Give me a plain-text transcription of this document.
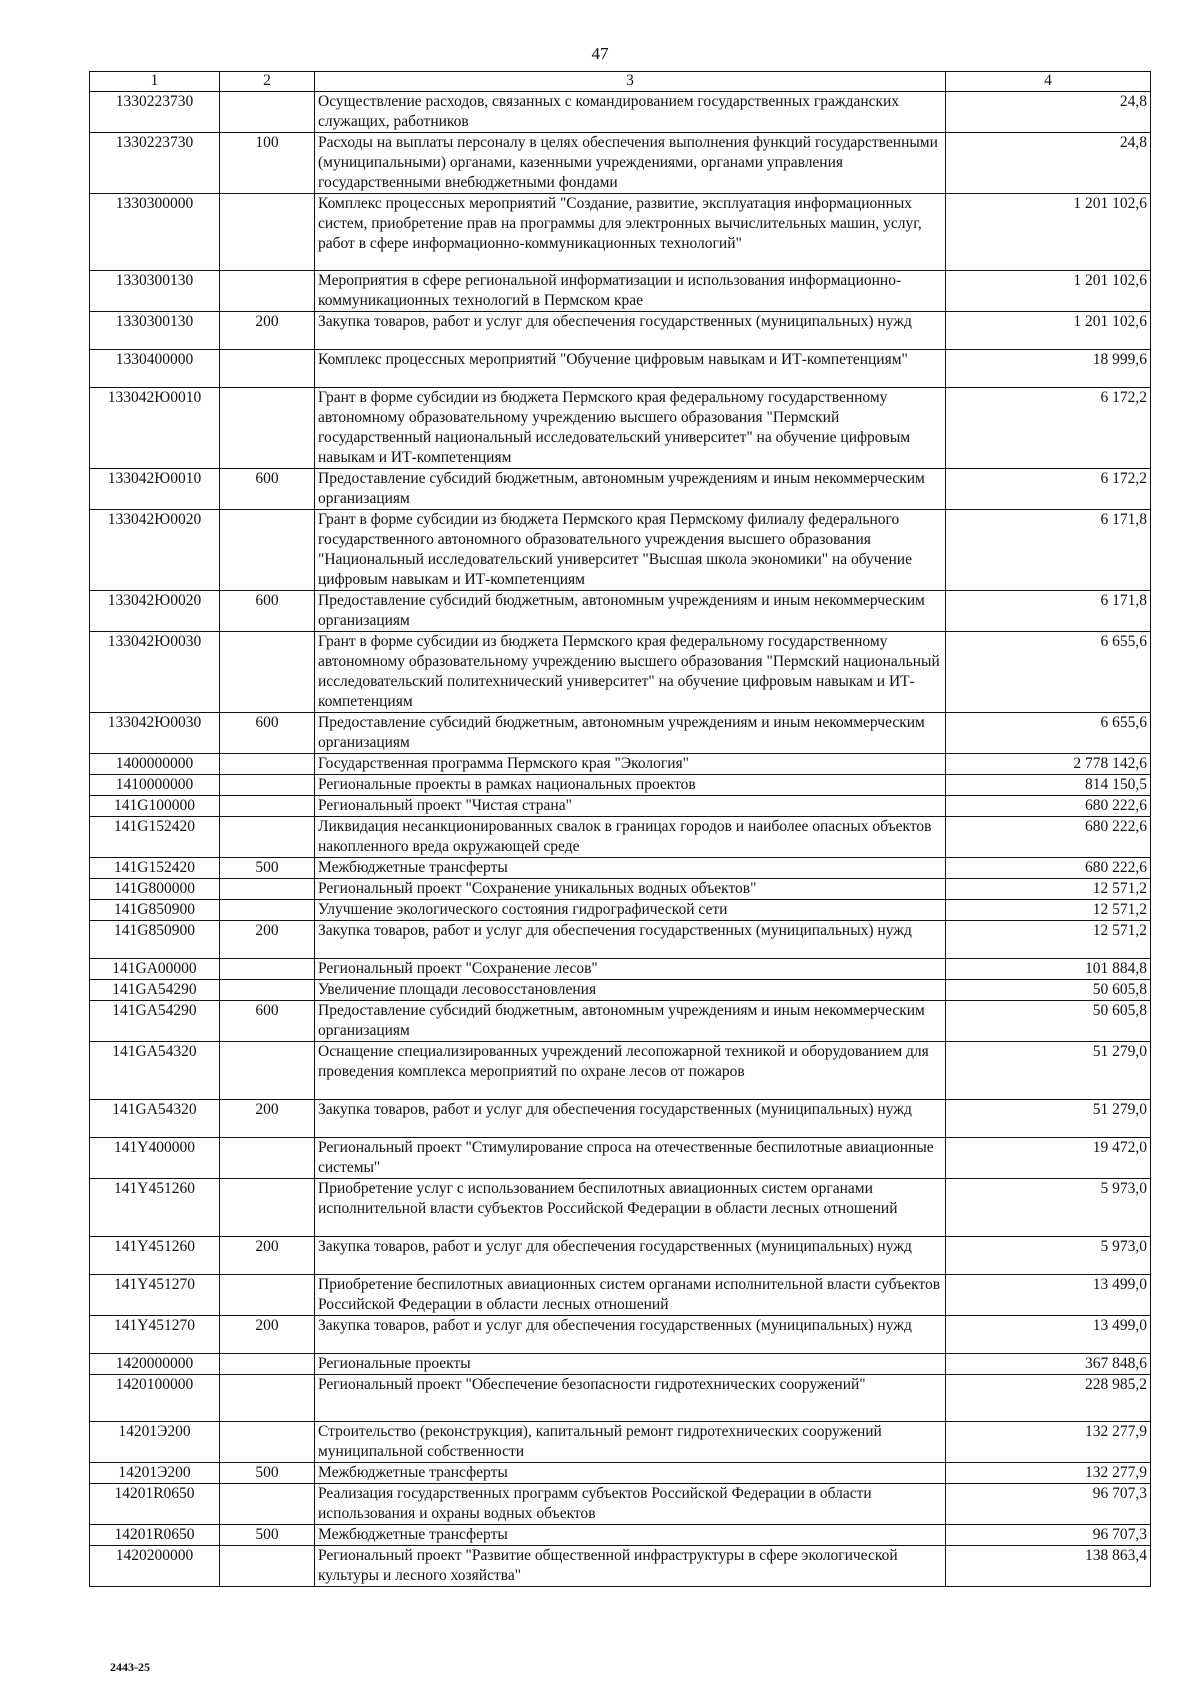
47
1	2	3	4
1330223730		Осуществление расходов, связанных с командированием государственных гражданских служащих, работников	24,8
1330223730	100	Расходы на выплаты персоналу в целях обеспечения выполнения функций государственными (муниципальными) органами, казенными учреждениями, органами управления государственными внебюджетными фондами	24,8
1330300000		Комплекс процессных мероприятий "Создание, развитие, эксплуатация информационных систем, приобретение прав на программы для электронных вычислительных машин, услуг, работ в сфере информационно-коммуникационных технологий"	1 201 102,6
1330300130		Мероприятия в сфере региональной информатизации и использования информационно-коммуникационных технологий в Пермском крае	1 201 102,6
1330300130	200	Закупка товаров, работ и услуг для обеспечения государственных (муниципальных) нужд	1 201 102,6
1330400000		Комплекс процессных мероприятий "Обучение цифровым навыкам и ИТ-компетенциям"	18 999,6
133042Ю0010		Грант в форме субсидии из бюджета Пермского края федеральному государственному автономному образовательному учреждению высшего образования "Пермский государственный национальный исследовательский университет" на обучение цифровым навыкам и ИТ-компетенциям	6 172,2
133042Ю0010	600	Предоставление субсидий бюджетным, автономным учреждениям и иным некоммерческим организациям	6 172,2
133042Ю0020		Грант в форме субсидии из бюджета Пермского края Пермскому филиалу федерального государственного автономного образовательного учреждения высшего образования "Национальный исследовательский университет "Высшая школа экономики" на обучение цифровым навыкам и ИТ-компетенциям	6 171,8
133042Ю0020	600	Предоставление субсидий бюджетным, автономным учреждениям и иным некоммерческим организациям	6 171,8
133042Ю0030		Грант в форме субсидии из бюджета Пермского края федеральному государственному автономному образовательному учреждению высшего образования "Пермский национальный исследовательский политехнический университет" на обучение цифровым навыкам и ИТ-компетенциям	6 655,6
133042Ю0030	600	Предоставление субсидий бюджетным, автономным учреждениям и иным некоммерческим организациям	6 655,6
1400000000		Государственная программа Пермского края "Экология"	2 778 142,6
1410000000		Региональные проекты в рамках национальных проектов	814 150,5
141G100000		Региональный проект "Чистая страна"	680 222,6
141G152420		Ликвидация несанкционированных свалок в границах городов и наиболее опасных объектов накопленного вреда окружающей среде	680 222,6
141G152420	500	Межбюджетные трансферты	680 222,6
141G800000		Региональный проект "Сохранение уникальных водных объектов"	12 571,2
141G850900		Улучшение экологического состояния гидрографической сети	12 571,2
141G850900	200	Закупка товаров, работ и услуг для обеспечения государственных (муниципальных) нужд	12 571,2
141GA00000		Региональный проект "Сохранение лесов"	101 884,8
141GA54290		Увеличение площади лесовосстановления	50 605,8
141GA54290	600	Предоставление субсидий бюджетным, автономным учреждениям и иным некоммерческим организациям	50 605,8
141GA54320		Оснащение специализированных учреждений лесопожарной техникой и оборудованием для проведения комплекса мероприятий по охране лесов от пожаров	51 279,0
141GA54320	200	Закупка товаров, работ и услуг для обеспечения государственных (муниципальных) нужд	51 279,0
141Y400000		Региональный проект "Стимулирование спроса на отечественные беспилотные авиационные системы"	19 472,0
141Y451260		Приобретение услуг с использованием беспилотных авиационных систем органами исполнительной власти субъектов Российской Федерации в области лесных отношений	5 973,0
141Y451260	200	Закупка товаров, работ и услуг для обеспечения государственных (муниципальных) нужд	5 973,0
141Y451270		Приобретение беспилотных авиационных систем органами исполнительной власти субъектов Российской Федерации в области лесных отношений	13 499,0
141Y451270	200	Закупка товаров, работ и услуг для обеспечения государственных (муниципальных) нужд	13 499,0
1420000000		Региональные проекты	367 848,6
1420100000		Региональный проект "Обеспечение безопасности гидротехнических сооружений"	228 985,2
14201Э200		Строительство (реконструкция), капитальный ремонт гидротехнических сооружений муниципальной собственности	132 277,9
14201Э200	500	Межбюджетные трансферты	132 277,9
14201R0650		Реализация государственных программ субъектов Российской Федерации в области использования и охраны водных объектов	96 707,3
14201R0650	500	Межбюджетные трансферты	96 707,3
1420200000		Региональный проект "Развитие общественной инфраструктуры в сфере экологической культуры и лесного хозяйства"	138 863,4
2443-25
